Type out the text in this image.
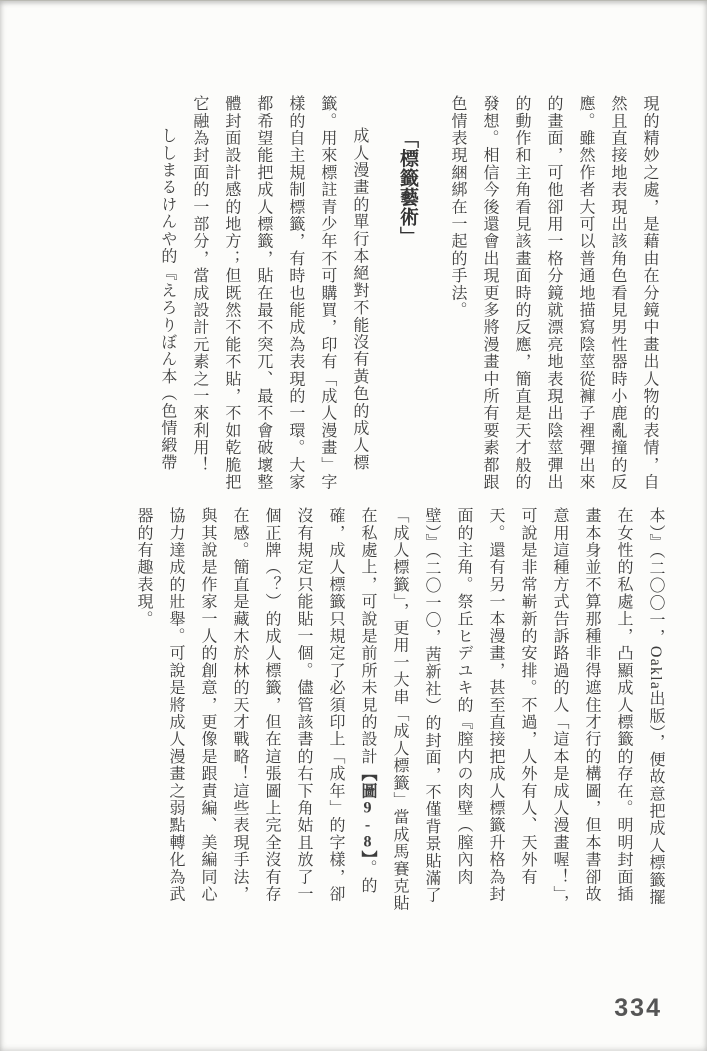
現的精妙之處，是藉由在分鏡中畫出人物的表情，自然且直接地表現出該角色看見男性器時小鹿亂撞的反應。雖然作者大可以普通地描寫陰莖從褲子裡彈出來的畫面，可他卻用一格分鏡就漂亮地表現出陰莖彈出的動作和主角看見該畫面時的反應，簡直是天才般的發想。相信今後還會出現更多將漫畫中所有要素都跟色情表現綑綁在一起的手法。

「標籤藝術」

成人漫畫的單行本絕對不能沒有黃色的成人標籤。用來標註青少年不可購買，印有「成人漫畫」字樣的自主規制標籤，有時也能成為表現的一環。大家都希望能把成人標籤，貼在最不突兀、最不會破壞整體封面設計感的地方；但既然不能不貼，不如乾脆把它融為封面的一部分，當成設計元素之一來利用！

ししまるけんや的『えろりぼん本（色情緞帶

本）』（二〇〇一，Oakla出版），便故意把成人標籤擺在女性的私處上，凸顯成人標籤的存在。明明封面插畫本身並不算那種非得遮住才行的構圖，但本書卻故意用這種方式告訴路過的人「這本是成人漫畫喔！」，可說是非常嶄新的安排。不過，人外有人、天外有天。還有另一本漫畫，甚至直接把成人標籤升格為封面的主角。祭丘ヒデユキ的『膣内の肉壁（膣內肉壁）』（二〇一〇，茜新社）的封面，不僅背景貼滿了「成人標籤」，更用一大串「成人標籤」當成馬賽克貼在私處上，可說是前所未見的設計【圖9-8】。的確，成人標籤只規定了必須印上「成年」的字樣，卻沒有規定只能貼一個。儘管該書的右下角姑且放了一個正牌（？）的成人標籤，但在這張圖上完全沒有存在感。簡直是藏木於林的天才戰略！這些表現手法，與其說是作家一人的創意，更像是跟責編、美編同心協力達成的壯舉。可說是將成人漫畫之弱點轉化為武器的有趣表現。

334
